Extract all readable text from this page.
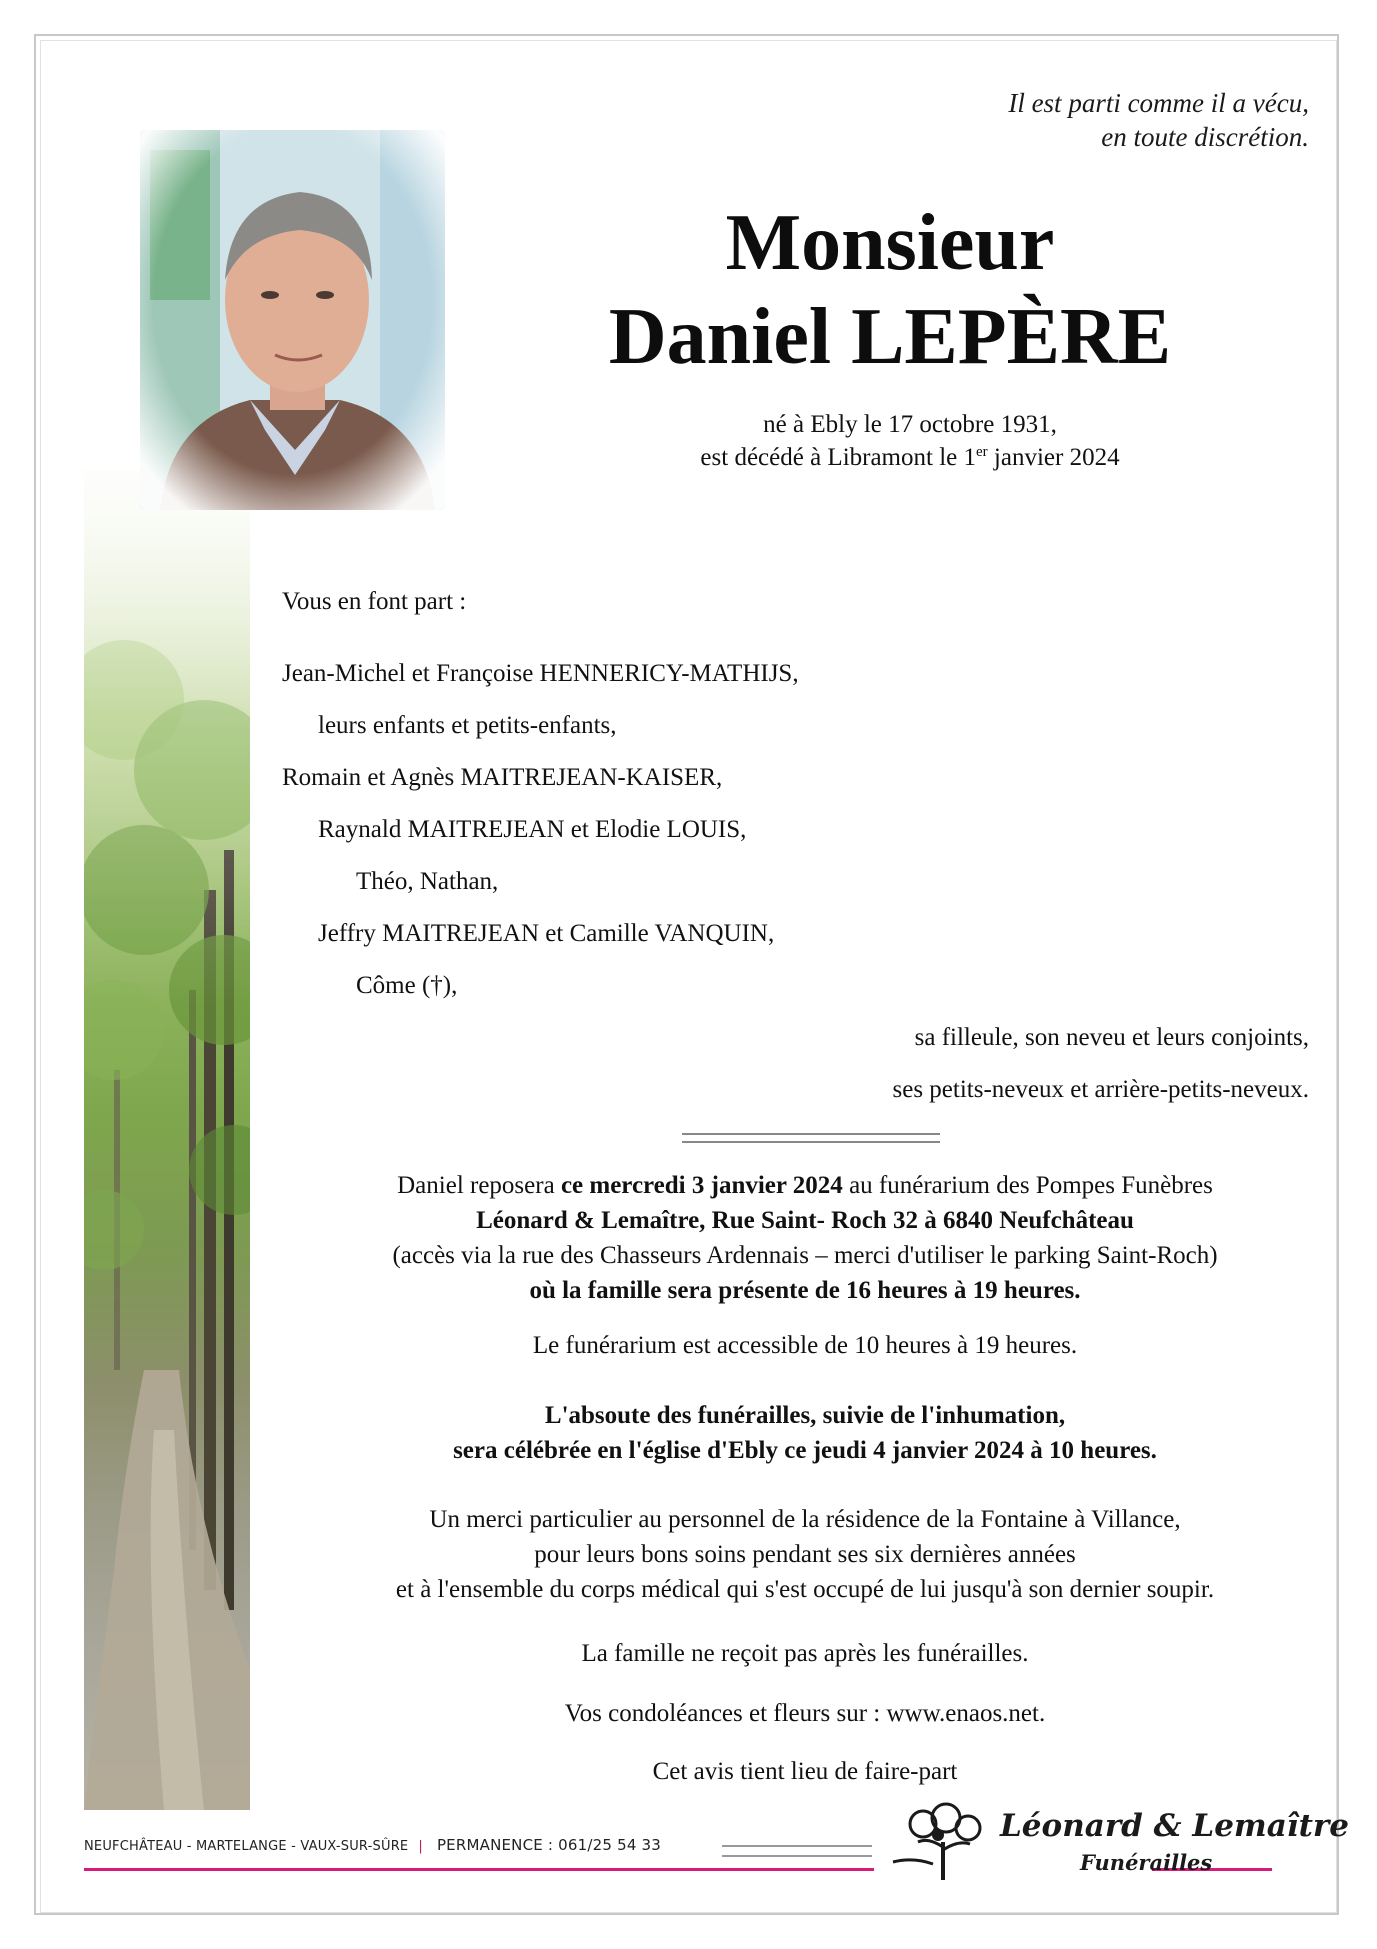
Il est parti comme il a vécu,
en toute discrétion.
Monsieur
Daniel LEPÈRE
né à Ebly le 17 octobre 1931,
est décédé à Libramont le 1er janvier 2024
Vous en font part :
Jean-Michel et Françoise HENNERICY-MATHIJS,
leurs enfants et petits-enfants,
Romain et Agnès MAITREJEAN-KAISER,
Raynald MAITREJEAN et Elodie LOUIS,
Théo, Nathan,
Jeffry MAITREJEAN et Camille VANQUIN,
Côme (†),
sa filleule, son neveu et leurs conjoints,
ses petits-neveux et arrière-petits-neveux.
Daniel reposera ce mercredi 3 janvier 2024 au funérarium des Pompes Funèbres
Léonard & Lemaître, Rue Saint- Roch 32 à 6840 Neufchâteau
(accès via la rue des Chasseurs Ardennais – merci d'utiliser le parking Saint-Roch)
où la famille sera présente de 16 heures à 19 heures.
Le funérarium est accessible de 10 heures à 19 heures.
L'absoute des funérailles, suivie de l'inhumation,
sera célébrée en l'église d'Ebly ce jeudi 4 janvier 2024 à 10 heures.
Un merci particulier au personnel de la résidence de la Fontaine à Villance,
pour leurs bons soins pendant ses six dernières années
et à l'ensemble du corps médical qui s'est occupé de lui jusqu'à son dernier soupir.
La famille ne reçoit pas après les funérailles.
Vos condoléances et fleurs sur : www.enaos.net.
Cet avis tient lieu de faire-part
NEUFCHÂTEAU - MARTELANGE - VAUX-SUR-SÛRE | PERMANENCE : 061/25 54 33
Léonard & Lemaître
Funérailles
